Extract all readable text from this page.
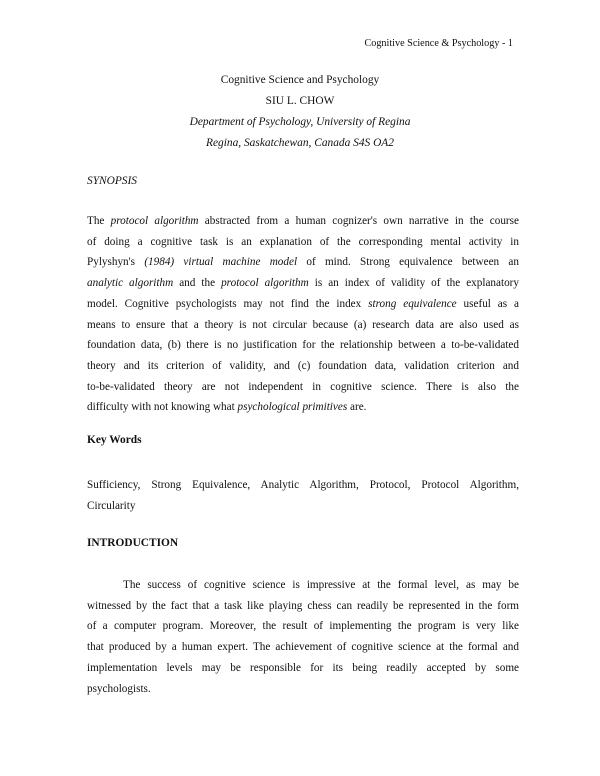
Cognitive Science & Psychology - 1
Cognitive Science and Psychology
SIU L. CHOW
Department of Psychology, University of Regina
Regina, Saskatchewan, Canada S4S OA2
SYNOPSIS
The protocol algorithm abstracted from a human cognizer's own narrative in the course
of doing a cognitive task is an explanation of the corresponding mental activity in
Pylyshyn's (1984) virtual machine model of mind. Strong equivalence between an
analytic algorithm and the protocol algorithm is an index of validity of the explanatory
model. Cognitive psychologists may not find the index strong equivalence useful as a
means to ensure that a theory is not circular because (a) research data are also used as
foundation data, (b) there is no justification for the relationship between a to-be-validated
theory and its criterion of validity, and (c) foundation data, validation criterion and
to-be-validated theory are not independent in cognitive science. There is also the
difficulty with not knowing what psychological primitives are.
Key Words
Sufficiency, Strong Equivalence, Analytic Algorithm, Protocol, Protocol Algorithm,
Circularity
INTRODUCTION
The success of cognitive science is impressive at the formal level, as may be
witnessed by the fact that a task like playing chess can readily be represented in the form
of a computer program. Moreover, the result of implementing the program is very like
that produced by a human expert. The achievement of cognitive science at the formal and
implementation levels may be responsible for its being readily accepted by some
psychologists.
